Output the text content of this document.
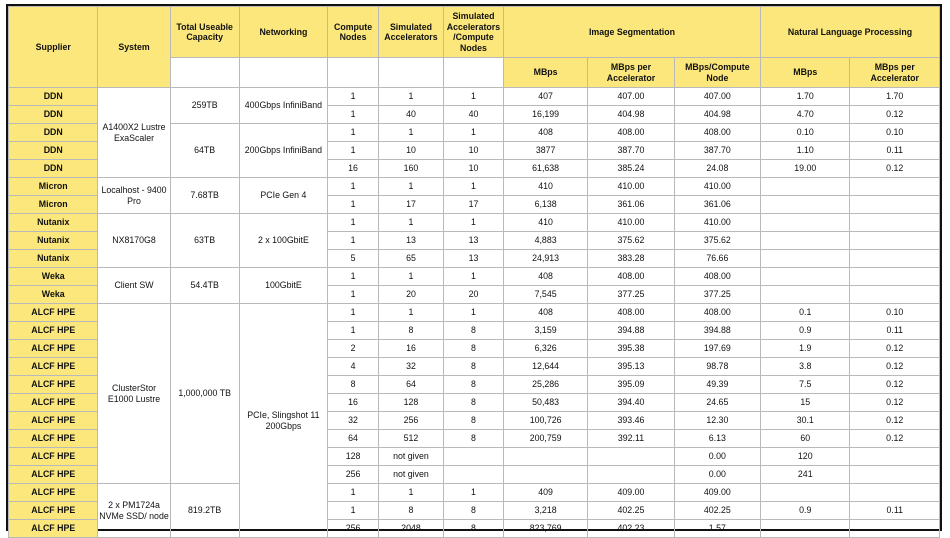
Supplier	System	Total Useable Capacity	Networking	Compute Nodes	Simulated Accelerators	Simulated Accelerators /Compute Nodes	Image Segmentation			Natural Language Processing	
							MBps	MBps per Accelerator	MBps/Compute Node	MBps	MBps per Accelerator
DDN	A1400X2 Lustre ExaScaler	259TB	400Gbps InfiniBand	1	1	1	407	407.00	407.00	1.70	1.70
DDN				1	40	40	16,199	404.98	404.98	4.70	0.12
DDN		64TB	200Gbps InfiniBand	1	1	1	408	408.00	408.00	0.10	0.10
DDN				1	10	10	3877	387.70	387.70	1.10	0.11
DDN				16	160	10	61,638	385.24	24.08	19.00	0.12
Micron	Localhost - 9400 Pro	7.68TB	PCIe Gen 4	1	1	1	410	410.00	410.00		
Micron				1	17	17	6,138	361.06	361.06		
Nutanix	NX8170G8	63TB	2 x 100GbitE	1	1	1	410	410.00	410.00		
Nutanix				1	13	13	4,883	375.62	375.62		
Nutanix				5	65	13	24,913	383.28	76.66		
Weka	Client SW	54.4TB	100GbitE	1	1	1	408	408.00	408.00		
Weka				1	20	20	7,545	377.25	377.25		
ALCF HPE	ClusterStor E1000 Lustre	1,000,000 TB	PCIe, Slingshot 11 200Gbps	1	1	1	408	408.00	408.00	0.1	0.10
ALCF HPE				1	8	8	3,159	394.88	394.88	0.9	0.11
ALCF HPE				2	16	8	6,326	395.38	197.69	1.9	0.12
ALCF HPE				4	32	8	12,644	395.13	98.78	3.8	0.12
ALCF HPE				8	64	8	25,286	395.09	49.39	7.5	0.12
ALCF HPE				16	128	8	50,483	394.40	24.65	15	0.12
ALCF HPE				32	256	8	100,726	393.46	12.30	30.1	0.12
ALCF HPE				64	512	8	200,759	392.11	6.13	60	0.12
ALCF HPE				128	not given				0.00	120	
ALCF HPE				256	not given				0.00	241	
ALCF HPE	2 x PM1724a NVMe SSD/ node	819.2TB		1	1	1	409	409.00	409.00		
ALCF HPE				1	8	8	3,218	402.25	402.25	0.9	0.11
ALCF HPE				256	2048	8	823,769	402.23	1.57		
